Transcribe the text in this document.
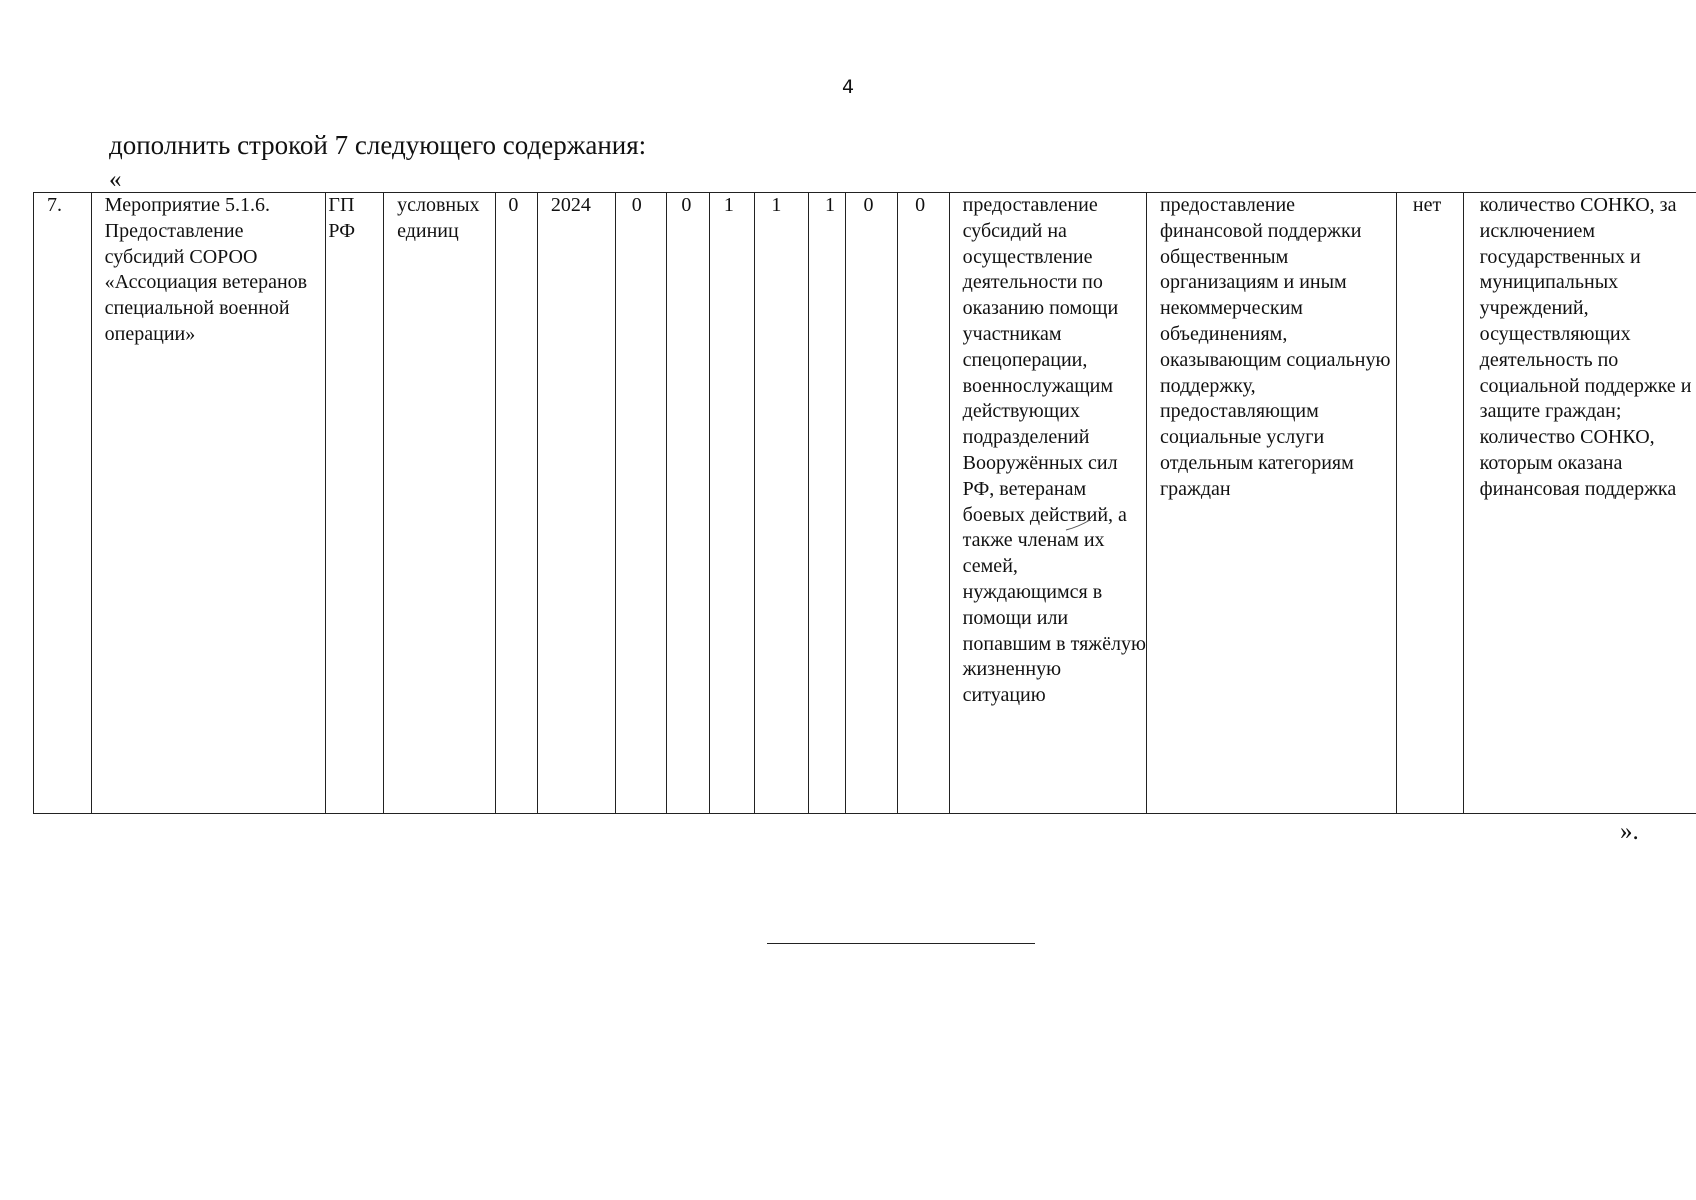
4
дополнить строкой 7 следующего содержания:
«
7.	Мероприятие 5.1.6. Предоставление субсидий СОРОО «Ассоциация ветеранов специальной военной операции»	ГП РФ	условных единиц	0	2024	0	0	1	1	1	0	0	предоставление субсидий на осуществление деятельности по оказанию помощи участникам спецоперации, военнослужащим действующих подразделений Вооружённых сил РФ, ветеранам боевых действий, а также членам их семей, нуждающимся в помощи или попавшим в тяжёлую жизненную ситуацию	предоставление финансовой поддержки общественным организациям и иным некоммерческим объединениям, оказывающим социальную поддержку, предоставляющим социальные услуги отдельным категориям граждан	нет	количество СОНКО, за исключением государственных и муниципальных учреждений, осуществляющих деятельность по социальной поддержке и защите граждан; количество СОНКО, которым оказана финансовая поддержка
».
